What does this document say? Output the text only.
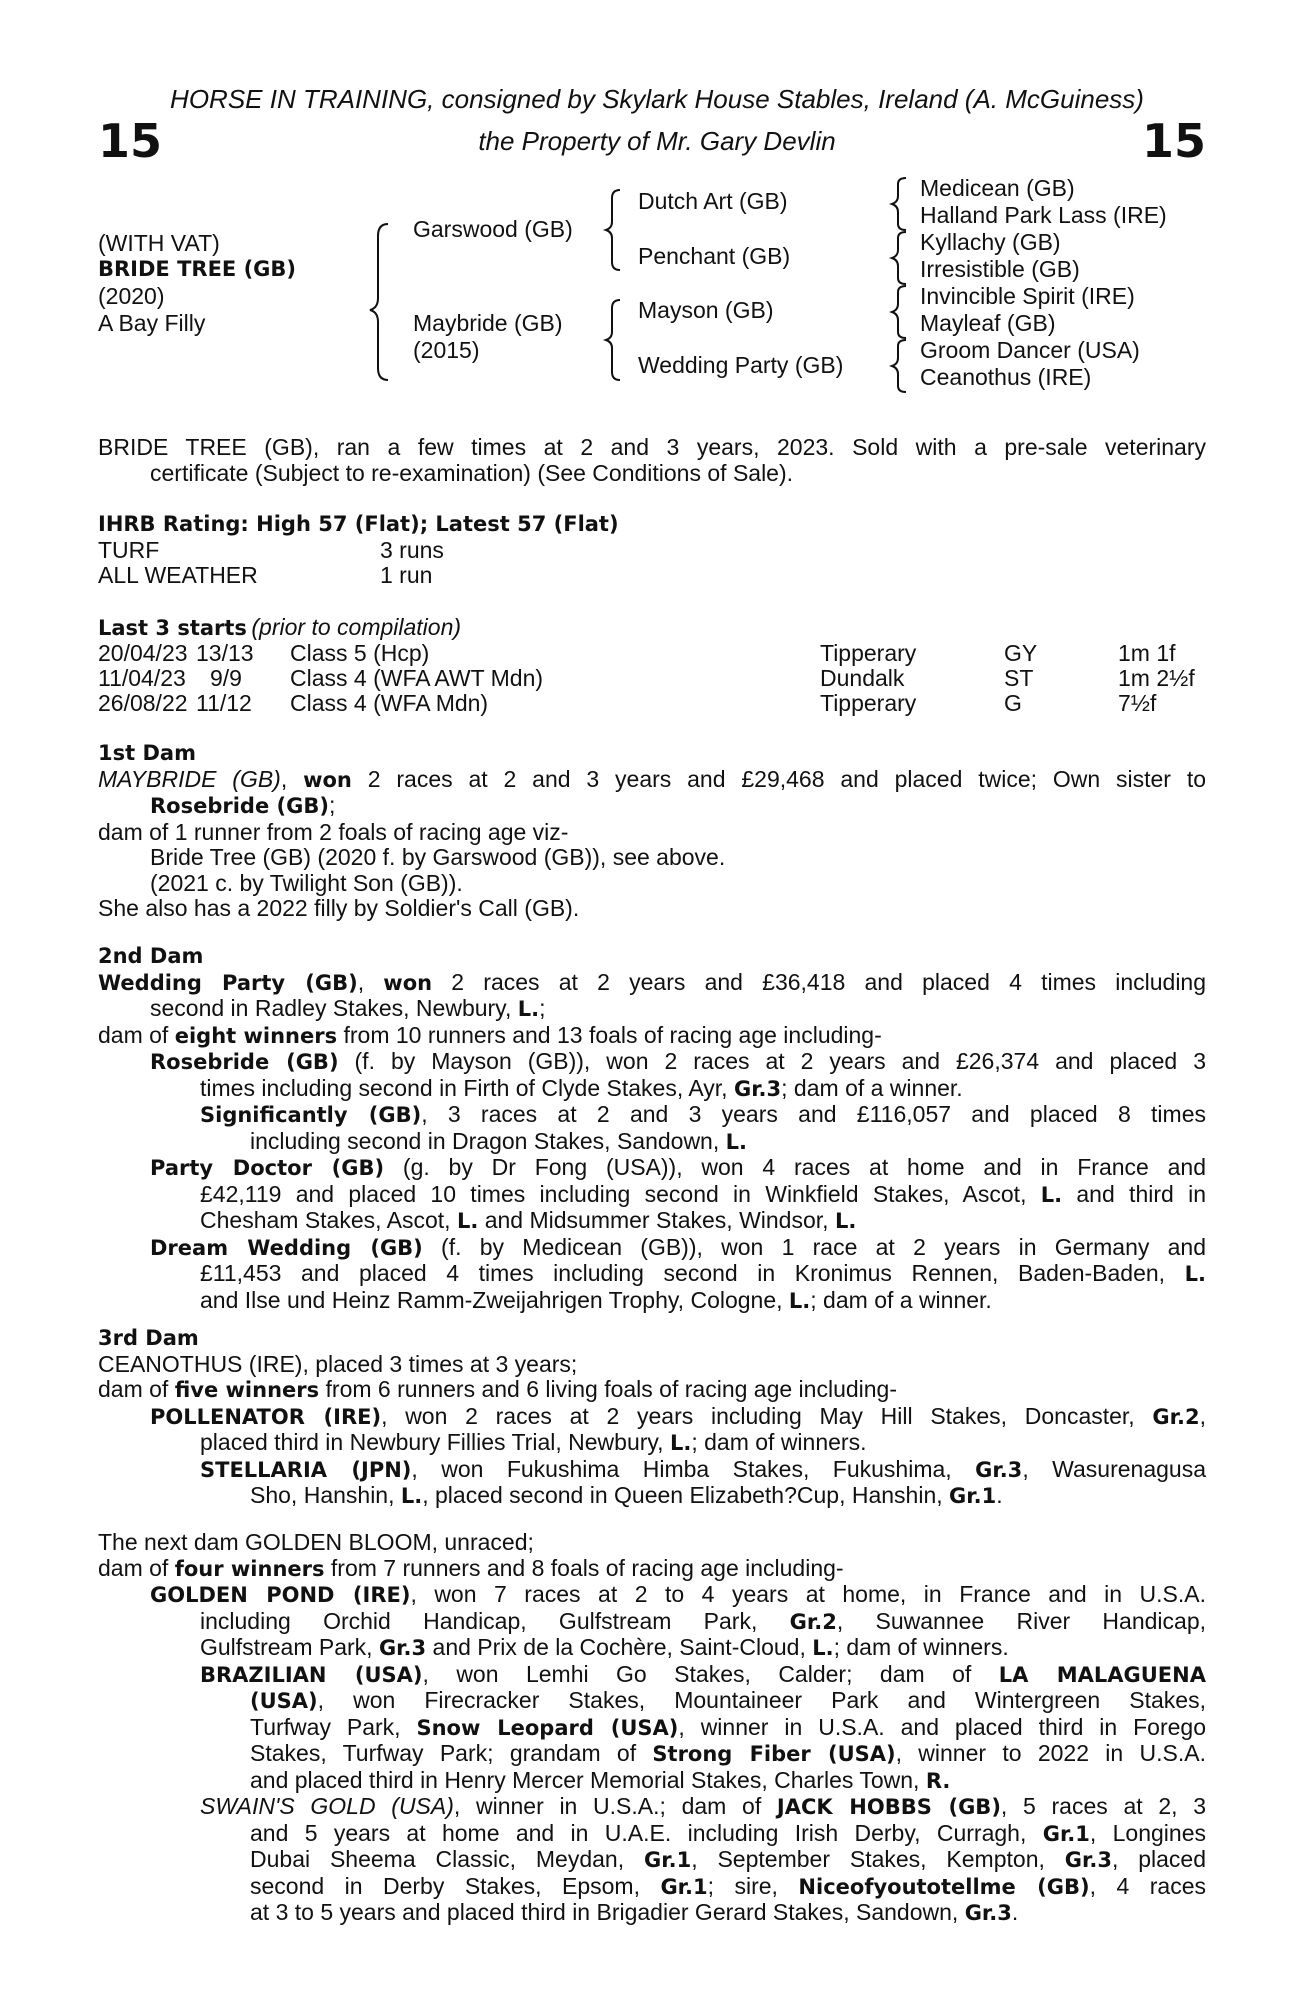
HORSE IN TRAINING, consigned by Skylark House Stables, Ireland (A. McGuiness)
the Property of Mr. Gary Devlin
15	15
(WITH VAT)
BRIDE TREE (GB)
(2020)
A Bay Filly
Garswood (GB)
Maybride (GB)
(2015)
Dutch Art (GB)
Penchant (GB)
Mayson (GB)
Wedding Party (GB)
Medicean (GB)
Halland Park Lass (IRE)
Kyllachy (GB)
Irresistible (GB)
Invincible Spirit (IRE)
Mayleaf (GB)
Groom Dancer (USA)
Ceanothus (IRE)
BRIDE TREE (GB), ran a few times at 2 and 3 years, 2023. Sold with a pre-sale veterinary
certificate (Subject to re-examination) (See Conditions of Sale).
IHRB Rating: High 57 (Flat); Latest 57 (Flat)
TURF	3 runs
ALL WEATHER	1 run
Last 3 starts (prior to compilation)
20/04/23 13/13 Class 5 (Hcp)	Tipperary	GY	1m 1f
11/04/23 9/9 Class 4 (WFA AWT Mdn)	Dundalk	ST	1m 2½f
26/08/22 11/12 Class 4 (WFA Mdn)	Tipperary	G	7½f
1st Dam
MAYBRIDE (GB), won 2 races at 2 and 3 years and £29,468 and placed twice; Own sister to
Rosebride (GB);
dam of 1 runner from 2 foals of racing age viz-
Bride Tree (GB) (2020 f. by Garswood (GB)), see above.
(2021 c. by Twilight Son (GB)).
She also has a 2022 filly by Soldier's Call (GB).
2nd Dam
Wedding Party (GB), won 2 races at 2 years and £36,418 and placed 4 times including
second in Radley Stakes, Newbury, L.;
dam of eight winners from 10 runners and 13 foals of racing age including-
Rosebride (GB) (f. by Mayson (GB)), won 2 races at 2 years and £26,374 and placed 3
times including second in Firth of Clyde Stakes, Ayr, Gr.3; dam of a winner.
Significantly (GB), 3 races at 2 and 3 years and £116,057 and placed 8 times
including second in Dragon Stakes, Sandown, L.
Party Doctor (GB) (g. by Dr Fong (USA)), won 4 races at home and in France and
£42,119 and placed 10 times including second in Winkfield Stakes, Ascot, L. and third in
Chesham Stakes, Ascot, L. and Midsummer Stakes, Windsor, L.
Dream Wedding (GB) (f. by Medicean (GB)), won 1 race at 2 years in Germany and
£11,453 and placed 4 times including second in Kronimus Rennen, Baden-Baden, L.
and Ilse und Heinz Ramm-Zweijahrigen Trophy, Cologne, L.; dam of a winner.
3rd Dam
CEANOTHUS (IRE), placed 3 times at 3 years;
dam of five winners from 6 runners and 6 living foals of racing age including-
POLLENATOR (IRE), won 2 races at 2 years including May Hill Stakes, Doncaster, Gr.2,
placed third in Newbury Fillies Trial, Newbury, L.; dam of winners.
STELLARIA (JPN), won Fukushima Himba Stakes, Fukushima, Gr.3, Wasurenagusa
Sho, Hanshin, L., placed second in Queen Elizabeth?Cup, Hanshin, Gr.1.
The next dam GOLDEN BLOOM, unraced;
dam of four winners from 7 runners and 8 foals of racing age including-
GOLDEN POND (IRE), won 7 races at 2 to 4 years at home, in France and in U.S.A.
including Orchid Handicap, Gulfstream Park, Gr.2, Suwannee River Handicap,
Gulfstream Park, Gr.3 and Prix de la Cochère, Saint-Cloud, L.; dam of winners.
BRAZILIAN (USA), won Lemhi Go Stakes, Calder; dam of LA MALAGUENA
(USA), won Firecracker Stakes, Mountaineer Park and Wintergreen Stakes,
Turfway Park, Snow Leopard (USA), winner in U.S.A. and placed third in Forego
Stakes, Turfway Park; grandam of Strong Fiber (USA), winner to 2022 in U.S.A.
and placed third in Henry Mercer Memorial Stakes, Charles Town, R.
SWAIN'S GOLD (USA), winner in U.S.A.; dam of JACK HOBBS (GB), 5 races at 2, 3
and 5 years at home and in U.A.E. including Irish Derby, Curragh, Gr.1, Longines
Dubai Sheema Classic, Meydan, Gr.1, September Stakes, Kempton, Gr.3, placed
second in Derby Stakes, Epsom, Gr.1; sire, Niceofyoutotellme (GB), 4 races
at 3 to 5 years and placed third in Brigadier Gerard Stakes, Sandown, Gr.3.
